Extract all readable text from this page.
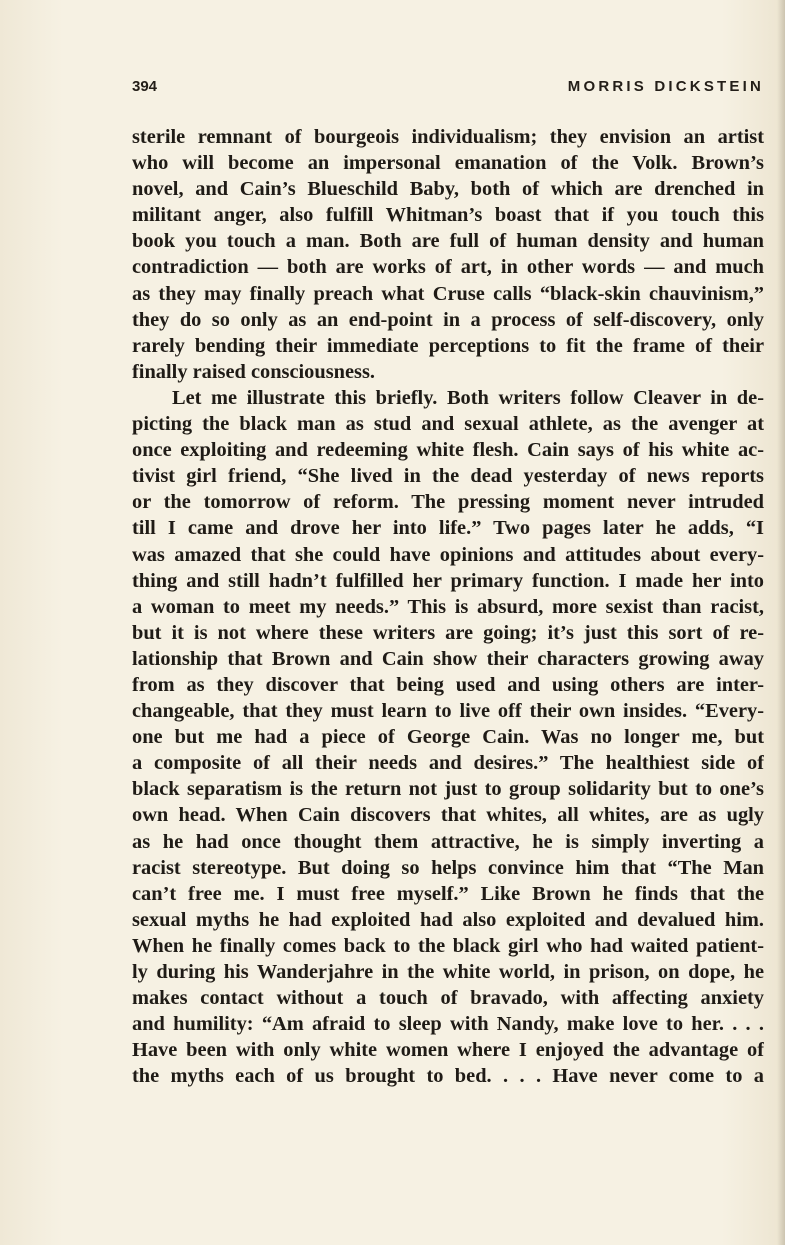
394	MORRIS DICKSTEIN
sterile remnant of bourgeois individualism; they envision an artist
who will become an impersonal emanation of the Volk. Brown’s
novel, and Cain’s Blueschild Baby, both of which are drenched in
militant anger, also fulfill Whitman’s boast that if you touch this
book you touch a man. Both are full of human density and human
contradiction — both are works of art, in other words — and much
as they may finally preach what Cruse calls “black-skin chauvinism,”
they do so only as an end-point in a process of self-discovery, only
rarely bending their immediate perceptions to fit the frame of their
finally raised consciousness.
Let me illustrate this briefly. Both writers follow Cleaver in de-
picting the black man as stud and sexual athlete, as the avenger at
once exploiting and redeeming white flesh. Cain says of his white ac-
tivist girl friend, “She lived in the dead yesterday of news reports
or the tomorrow of reform. The pressing moment never intruded
till I came and drove her into life.” Two pages later he adds, “I
was amazed that she could have opinions and attitudes about every-
thing and still hadn’t fulfilled her primary function. I made her into
a woman to meet my needs.” This is absurd, more sexist than racist,
but it is not where these writers are going; it’s just this sort of re-
lationship that Brown and Cain show their characters growing away
from as they discover that being used and using others are inter-
changeable, that they must learn to live off their own insides. “Every-
one but me had a piece of George Cain. Was no longer me, but
a composite of all their needs and desires.” The healthiest side of
black separatism is the return not just to group solidarity but to one’s
own head. When Cain discovers that whites, all whites, are as ugly
as he had once thought them attractive, he is simply inverting a
racist stereotype. But doing so helps convince him that “The Man
can’t free me. I must free myself.” Like Brown he finds that the
sexual myths he had exploited had also exploited and devalued him.
When he finally comes back to the black girl who had waited patient-
ly during his Wanderjahre in the white world, in prison, on dope, he
makes contact without a touch of bravado, with affecting anxiety
and humility: “Am afraid to sleep with Nandy, make love to her. . . .
Have been with only white women where I enjoyed the advantage of
the myths each of us brought to bed. . . . Have never come to a
